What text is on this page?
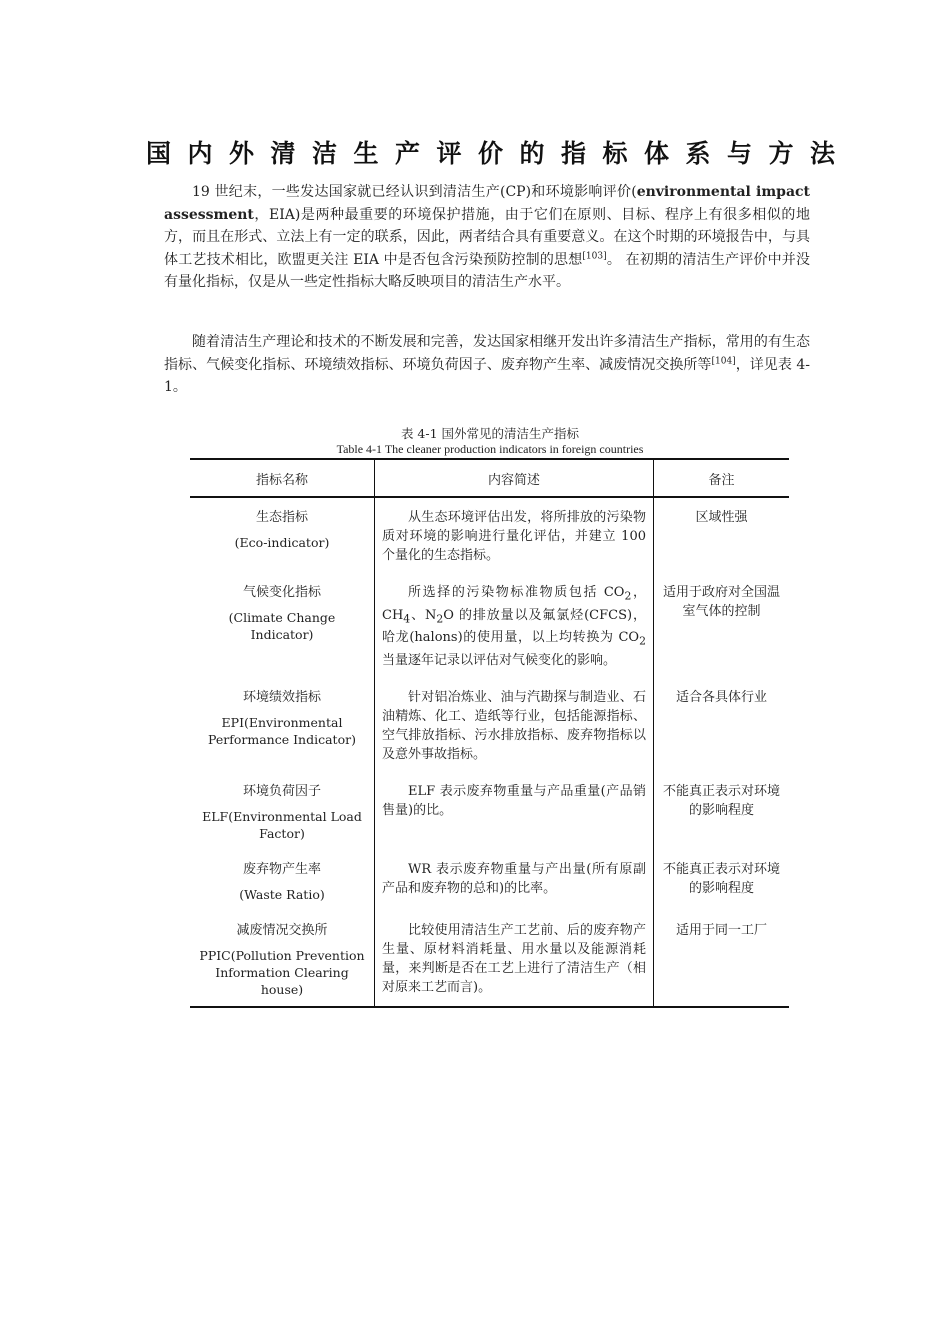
国内外清洁生产评价的指标体系与方法

19 世纪末，一些发达国家就已经认识到清洁生产(CP)和环境影响评价(environmental impact assessment，EIA)是两种最重要的环境保护措施，由于它们在原则、目标、程序上有很多相似的地方，而且在形式、立法上有一定的联系，因此，两者结合具有重要意义。在这个时期的环境报告中，与具体工艺技术相比，欧盟更关注 EIA 中是否包含污染预防控制的思想[103]。 在初期的清洁生产评价中并没有量化指标，仅是从一些定性指标大略反映项目的清洁生产水平。

随着清洁生产理论和技术的不断发展和完善，发达国家相继开发出许多清洁生产指标，常用的有生态指标、气候变化指标、环境绩效指标、环境负荷因子、废弃物产生率、减废情况交换所等[104]，详见表 4-1。

表 4-1 国外常见的清洁生产指标
Table 4-1 The cleaner production indicators in foreign countries
指标名称	内容简述	备注

生态指标
(Eco-indicator)	从生态环境评估出发，将所排放的污染物质对环境的影响进行量化评估，并建立 100 个量化的生态指标。	区域性强

气候变化指标
(Climate Change Indicator)	所选择的污染物标准物质包括 $CO_2$，$CH_4$、$N_2O$ 的排放量以及氟氯烃(CFCS)，哈龙(halons)的使用量，以上均转换为 $CO_2$当量逐年记录以评估对气候变化的影响。	适用于政府对全国温室气体的控制

环境绩效指标
EPI(Environmental Performance Indicator)	针对铝冶炼业、油与汽勘探与制造业、石油精炼、化工、造纸等行业，包括能源指标、空气排放指标、污水排放指标、废弃物指标以及意外事故指标。	适合各具体行业

环境负荷因子
ELF(Environmental Load Factor)	ELF 表示废弃物重量与产品重量(产品销售量)的比。	不能真正表示对环境的影响程度

废弃物产生率
(Waste Ratio)	WR 表示废弃物重量与产出量(所有原副产品和废弃物的总和)的比率。	不能真正表示对环境的影响程度

减废情况交换所
PPIC(Pollution Prevention Information Clearing house)	比较使用清洁生产工艺前、后的废弃物产生量、原材料消耗量、用水量以及能源消耗量，来判断是否在工艺上进行了清洁生产（相对原来工艺而言)。	适用于同一工厂
